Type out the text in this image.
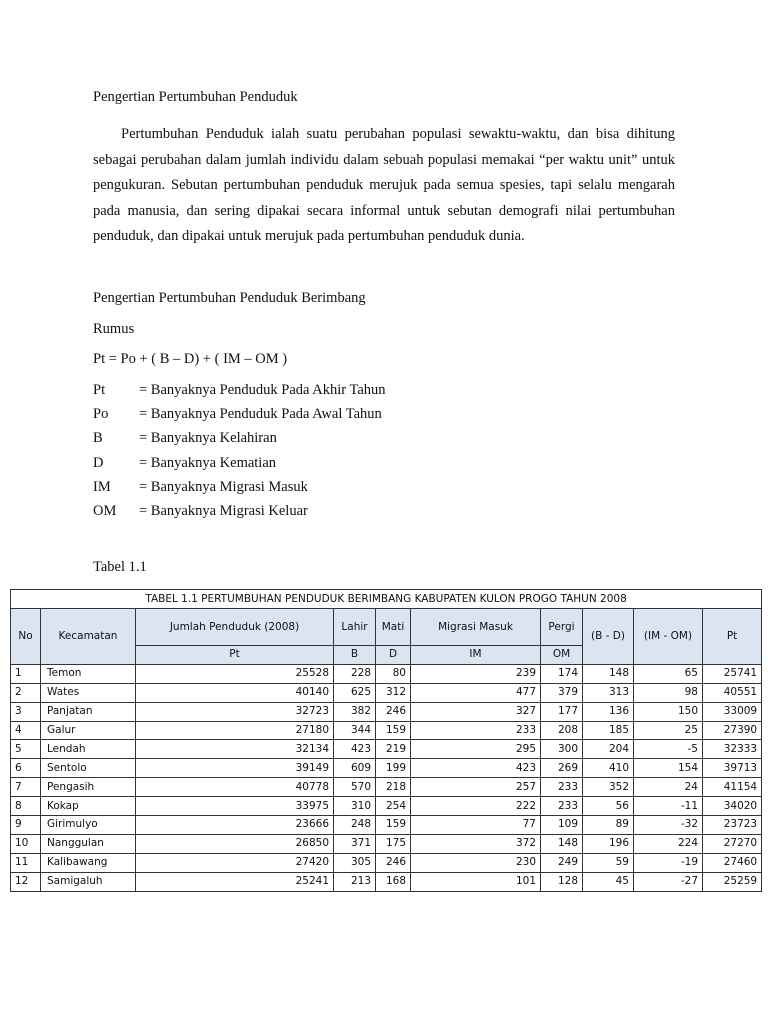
Pengertian Pertumbuhan Penduduk
Pertumbuhan Penduduk ialah suatu perubahan populasi sewaktu-waktu, dan bisa dihitung sebagai perubahan dalam jumlah individu dalam sebuah populasi memakai “per waktu unit” untuk pengukuran. Sebutan pertumbuhan penduduk merujuk pada semua spesies, tapi selalu mengarah pada manusia, dan sering dipakai secara informal untuk sebutan demografi nilai pertumbuhan penduduk, dan dipakai untuk merujuk pada pertumbuhan penduduk dunia.
Pengertian Pertumbuhan Penduduk Berimbang
Rumus
Pt = Po + ( B – D) + ( IM – OM )
Pt = Banyaknya Penduduk Pada Akhir Tahun
Po = Banyaknya Penduduk Pada Awal Tahun
B	= Banyaknya Kelahiran
D = Banyaknya Kematian
IM = Banyaknya Migrasi Masuk
OM = Banyaknya Migrasi Keluar
Tabel 1.1
TABEL 1.1 PERTUMBUHAN PENDUDUK BERIMBANG KABUPATEN KULON PROGO TAHUN 2008									
No	Kecamatan	Jumlah Penduduk (2008)	Lahir	Mati	Migrasi Masuk	Pergi	(B - D)	(IM - OM)	Pt
		Pt	B	D	IM	OM			
1	Temon	25528	228	80	239	174	148	65	25741
2	Wates	40140	625	312	477	379	313	98	40551
3	Panjatan	32723	382	246	327	177	136	150	33009
4	Galur	27180	344	159	233	208	185	25	27390
5	Lendah	32134	423	219	295	300	204	-5	32333
6	Sentolo	39149	609	199	423	269	410	154	39713
7	Pengasih	40778	570	218	257	233	352	24	41154
8	Kokap	33975	310	254	222	233	56	-11	34020
9	Girimulyo	23666	248	159	77	109	89	-32	23723
10	Nanggulan	26850	371	175	372	148	196	224	27270
11	Kalibawang	27420	305	246	230	249	59	-19	27460
12	Samigaluh	25241	213	168	101	128	45	-27	25259
